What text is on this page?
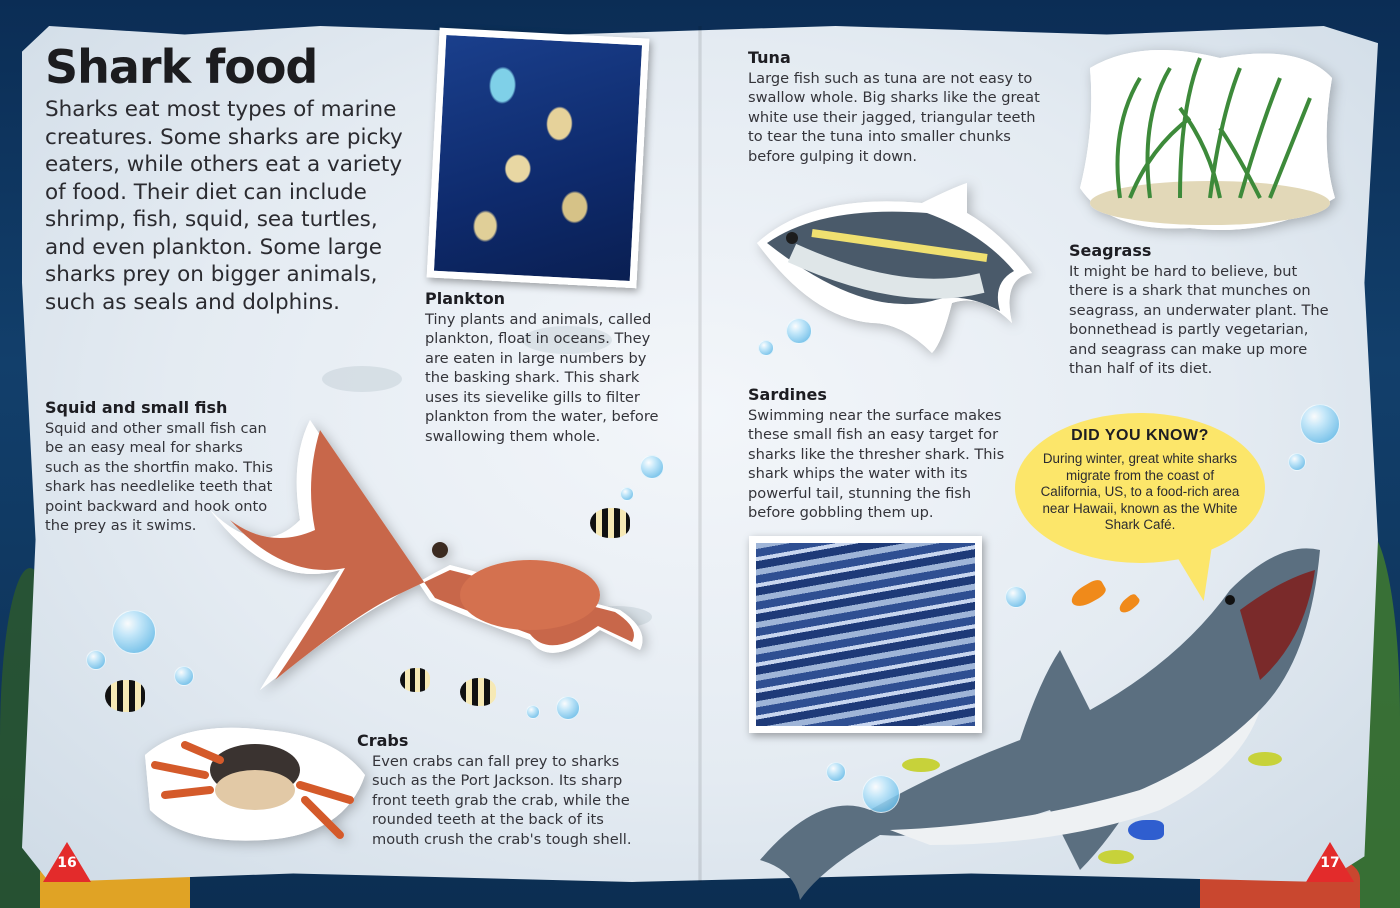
Shark food

Sharks eat most types of marine creatures. Some sharks are picky eaters, while others eat a variety of food. Their diet can include shrimp, fish, squid, sea turtles, and even plankton. Some large sharks prey on bigger animals, such as seals and dolphins.	Plankton
Tiny plants and animals, called plankton, float in oceans. They are eaten in large numbers by the basking shark. This shark uses its sievelike gills to filter plankton from the water, before swallowing them whole.
Squid and small fish
Squid and other small fish can be an easy meal for sharks such as the shortfin mako. This shark has needlelike teeth that point backward and hook onto the prey as it swims.
Crabs
Even crabs can fall prey to sharks such as the Port Jackson. Its sharp front teeth grab the crab, while the rounded teeth at the back of its mouth crush the crab's tough shell.
Tuna
Large fish such as tuna are not easy to swallow whole. Big sharks like the great white use their jagged, triangular teeth to tear the tuna into smaller chunks before gulping it down.
Seagrass
It might be hard to believe, but there is a shark that munches on seagrass, an underwater plant. The bonnethead is partly vegetarian, and seagrass can make up more than half of its diet.
Sardines
Swimming near the surface makes these small fish an easy target for sharks like the thresher shark. This shark whips the water with its powerful tail, stunning the fish before gobbling them up.
DID YOU KNOW?
During winter, great white sharks migrate from the coast of California, US, to a food-rich area near Hawaii, known as the White Shark Café.
16	17
